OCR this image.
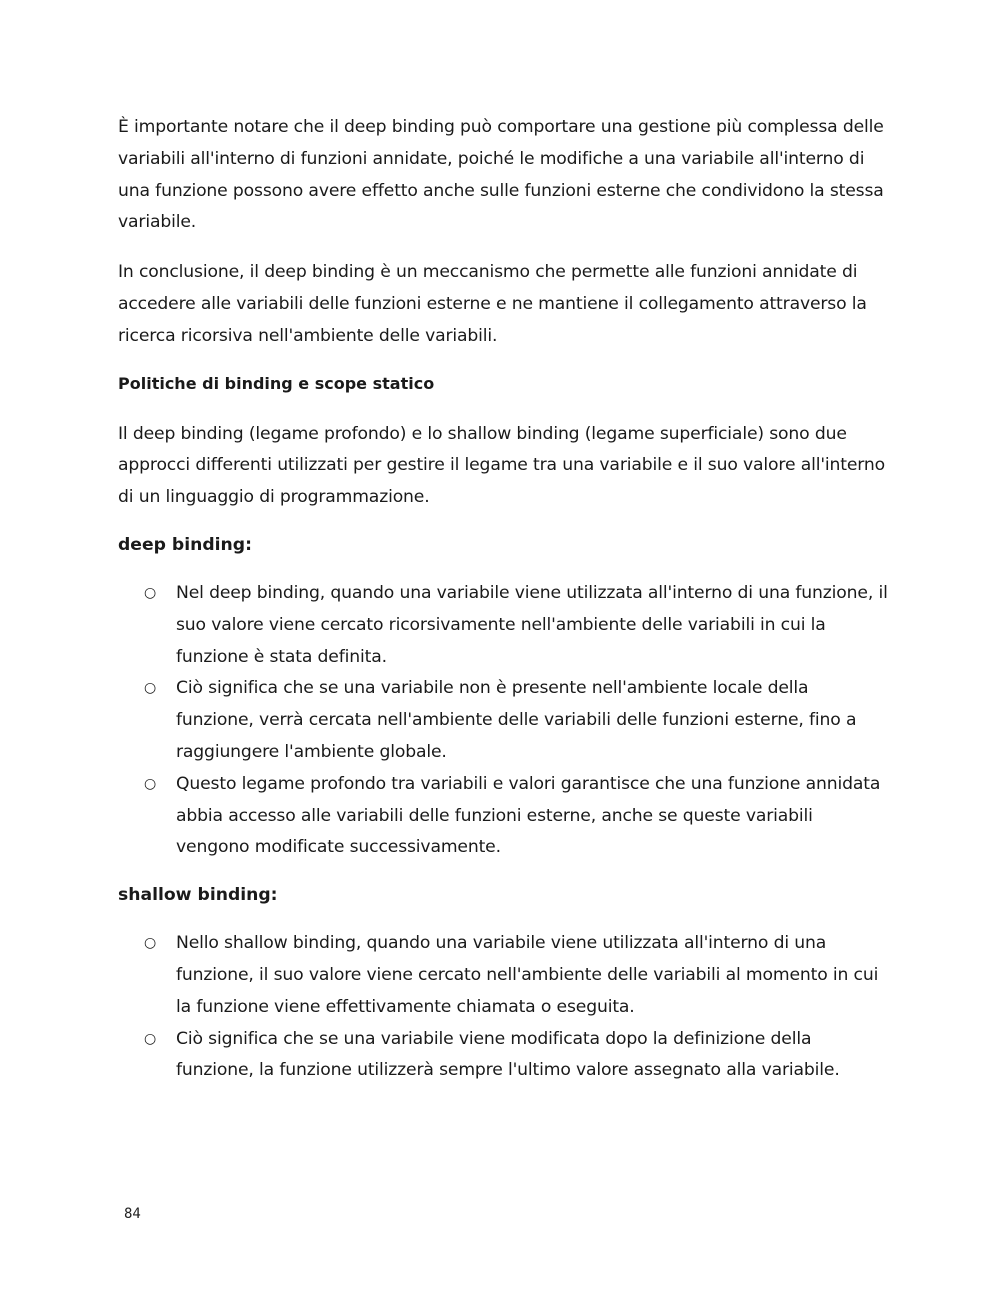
È importante notare che il deep binding può comportare una gestione più complessa delle variabili all'interno di funzioni annidate, poiché le modifiche a una variabile all'interno di una funzione possono avere effetto anche sulle funzioni esterne che condividono la stessa variabile.

In conclusione, il deep binding è un meccanismo che permette alle funzioni annidate di accedere alle variabili delle funzioni esterne e ne mantiene il collegamento attraverso la ricerca ricorsiva nell'ambiente delle variabili.

Politiche di binding e scope statico

Il deep binding (legame profondo) e lo shallow binding (legame superficiale) sono due approcci differenti utilizzati per gestire il legame tra una variabile e il suo valore all'interno di un linguaggio di programmazione.

deep binding:
○ Nel deep binding, quando una variabile viene utilizzata all'interno di una funzione, il suo valore viene cercato ricorsivamente nell'ambiente delle variabili in cui la funzione è stata definita.
○ Ciò significa che se una variabile non è presente nell'ambiente locale della funzione, verrà cercata nell'ambiente delle variabili delle funzioni esterne, fino a raggiungere l'ambiente globale.
○ Questo legame profondo tra variabili e valori garantisce che una funzione annidata abbia accesso alle variabili delle funzioni esterne, anche se queste variabili vengono modificate successivamente.
shallow binding:
○ Nello shallow binding, quando una variabile viene utilizzata all'interno di una funzione, il suo valore viene cercato nell'ambiente delle variabili al momento in cui la funzione viene effettivamente chiamata o eseguita.
○ Ciò significa che se una variabile viene modificata dopo la definizione della funzione, la funzione utilizzerà sempre l'ultimo valore assegnato alla variabile.
84
